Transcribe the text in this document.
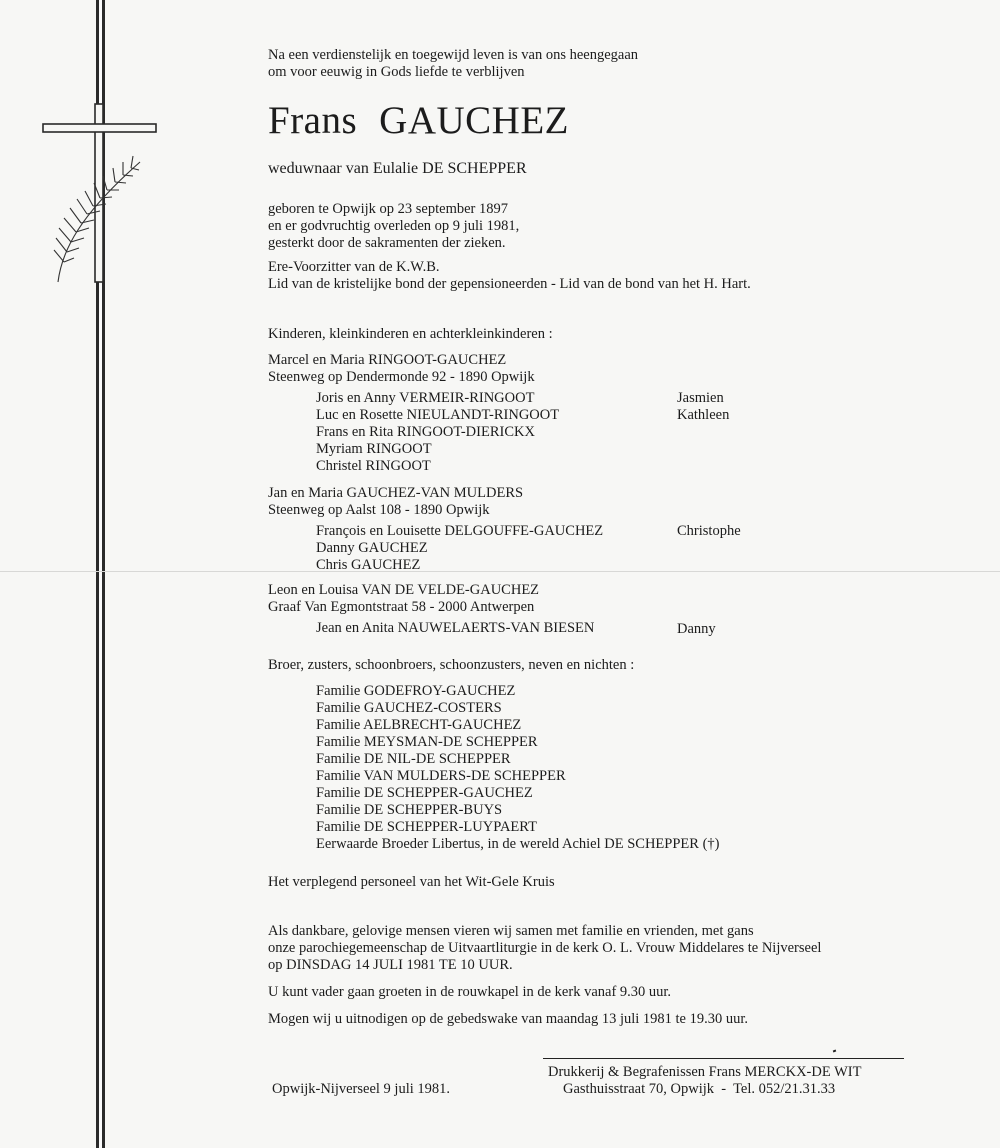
Na een verdienstelijk en toegewijd leven is van ons heengegaan
om voor eeuwig in Gods liefde te verblijven
Frans GAUCHEZ
weduwnaar van Eulalie DE SCHEPPER
geboren te Opwijk op 23 september 1897
en er godvruchtig overleden op 9 juli 1981,
gesterkt door de sakramenten der zieken.
Ere-Voorzitter van de K.W.B.
Lid van de kristelijke bond der gepensioneerden - Lid van de bond van het H. Hart.
Kinderen, kleinkinderen en achterkleinkinderen :
Marcel en Maria RINGOOT-GAUCHEZ
Steenweg op Dendermonde 92 - 1890 Opwijk
Joris en Anny VERMEIR-RINGOOT
Luc en Rosette NIEULANDT-RINGOOT
Frans en Rita RINGOOT-DIERICKX
Myriam RINGOOT
Christel RINGOOT
Jasmien
Kathleen
Jan en Maria GAUCHEZ-VAN MULDERS
Steenweg op Aalst 108 - 1890 Opwijk
François en Louisette DELGOUFFE-GAUCHEZ
Danny GAUCHEZ
Chris GAUCHEZ
Christophe
Leon en Louisa VAN DE VELDE-GAUCHEZ
Graaf Van Egmontstraat 58 - 2000 Antwerpen
Jean en Anita NAUWELAERTS-VAN BIESEN	Danny
Broer, zusters, schoonbroers, schoonzusters, neven en nichten :
Familie GODEFROY-GAUCHEZ
Familie GAUCHEZ-COSTERS
Familie AELBRECHT-GAUCHEZ
Familie MEYSMAN-DE SCHEPPER
Familie DE NIL-DE SCHEPPER
Familie VAN MULDERS-DE SCHEPPER
Familie DE SCHEPPER-GAUCHEZ
Familie DE SCHEPPER-BUYS
Familie DE SCHEPPER-LUYPAERT
Eerwaarde Broeder Libertus, in de wereld Achiel DE SCHEPPER (†)
Het verplegend personeel van het Wit-Gele Kruis
Als dankbare, gelovige mensen vieren wij samen met familie en vrienden, met gans
onze parochiegemeenschap de Uitvaartliturgie in de kerk O. L. Vrouw Middelares te Nijverseel
op DINSDAG 14 JULI 1981 TE 10 UUR.
U kunt vader gaan groeten in de rouwkapel in de kerk vanaf 9.30 uur.
Mogen wij u uitnodigen op de gebedswake van maandag 13 juli 1981 te 19.30 uur.
Drukkerij & Begrafenissen Frans MERCKX-DE WIT
Gasthuisstraat 70, Opwijk  -  Tel. 052/21.31.33
Opwijk-Nijverseel 9 juli 1981.
